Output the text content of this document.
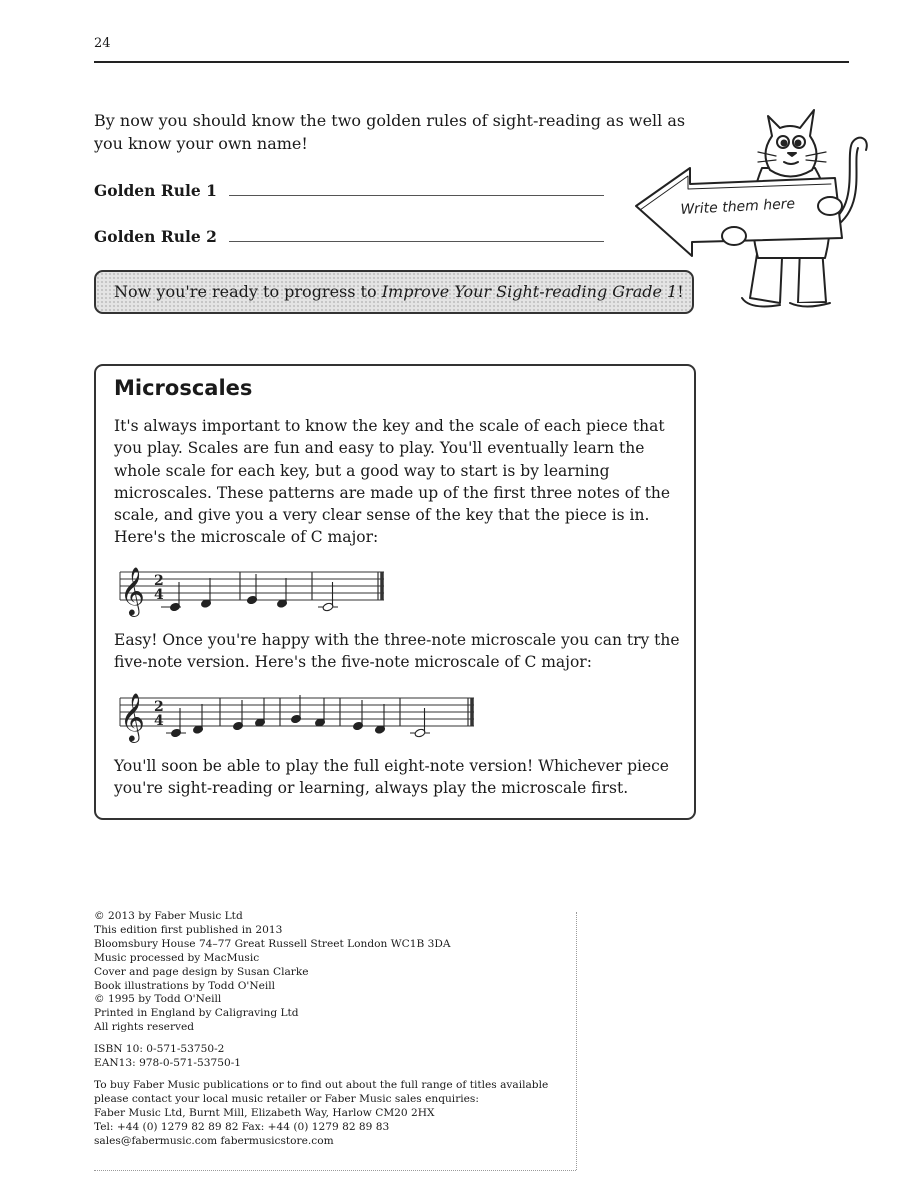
24

By now you should know the two golden rules of sight-reading as well as you know your own name!

Golden Rule 1
Golden Rule 2
Write them here
Now you're ready to progress to Improve Your Sight-reading Grade 1!
Microscales

It's always important to know the key and the scale of each piece that you play. Scales are fun and easy to play. You'll eventually learn the whole scale for each key, but a good way to start is by learning microscales. These patterns are made up of the first three notes of the scale, and give you a very clear sense of the key that the piece is in. Here's the microscale of C major:

𝄞 2
4

Easy! Once you're happy with the three-note microscale you can try the five-note version. Here's the five-note microscale of C major:

𝄞 2
4

You'll soon be able to play the full eight-note version! Whichever piece you're sight-reading or learning, always play the microscale first.

© 2013 by Faber Music Ltd
This edition first published in 2013
Bloomsbury House 74–77 Great Russell Street London WC1B 3DA
Music processed by MacMusic
Cover and page design by Susan Clarke
Book illustrations by Todd O'Neill
© 1995 by Todd O'Neill
Printed in England by Caligraving Ltd
All rights reserved
ISBN 10: 0-571-53750-2
EAN13: 978-0-571-53750-1
To buy Faber Music publications or to find out about the full range of titles available
please contact your local music retailer or Faber Music sales enquiries:
Faber Music Ltd, Burnt Mill, Elizabeth Way, Harlow CM20 2HX
Tel: +44 (0) 1279 82 89 82 Fax: +44 (0) 1279 82 89 83
sales@fabermusic.com fabermusicstore.com
